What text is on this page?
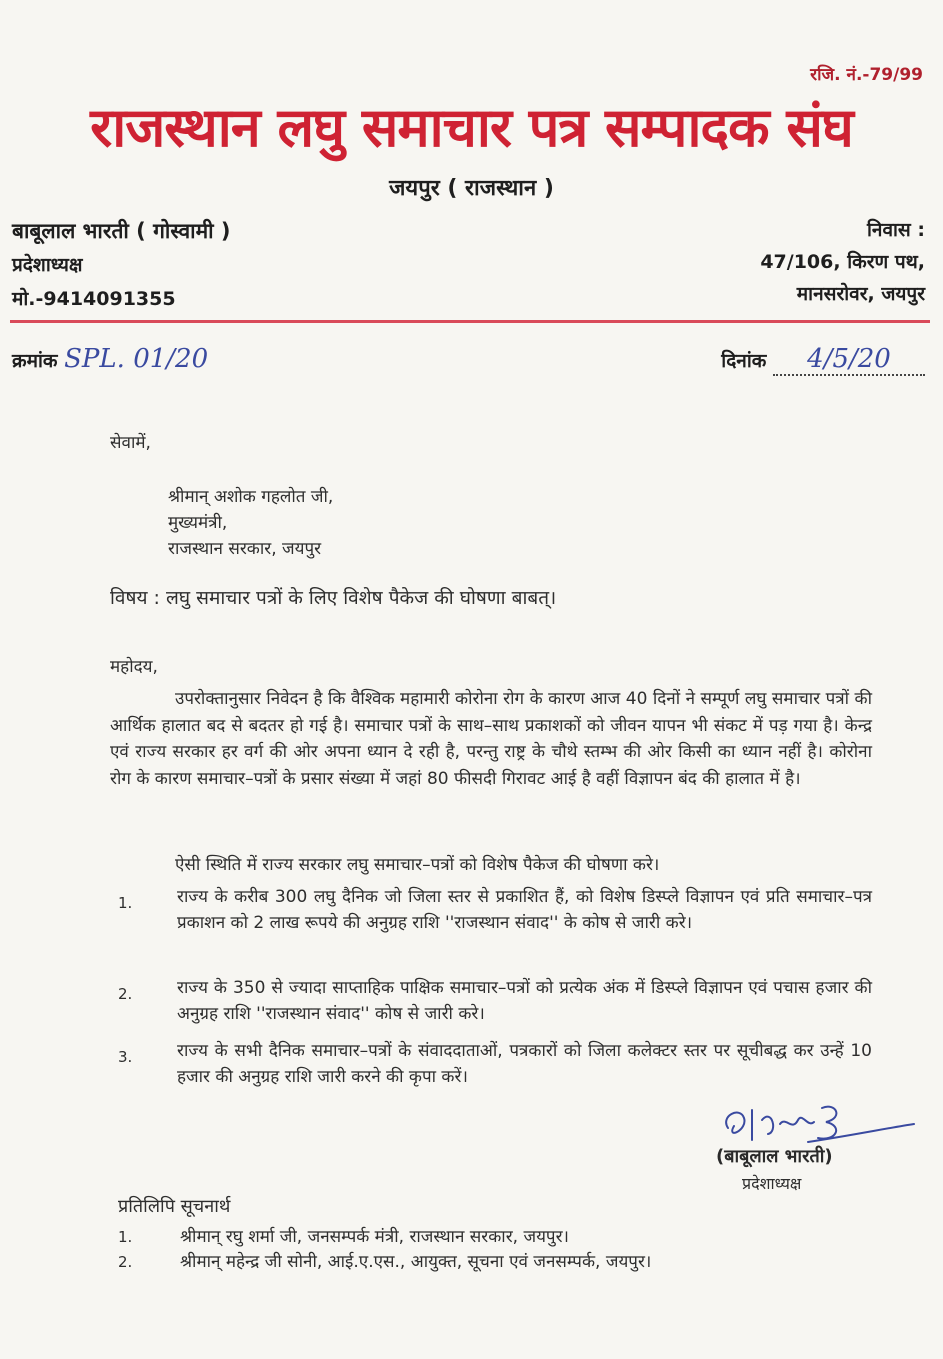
रजि. नं.-79/99
राजस्थान लघु समाचार पत्र सम्पादक संघ
जयपुर ( राजस्थान )
बाबूलाल भारती ( गोस्वामी )
प्रदेशाध्यक्ष
मो.-9414091355
निवास :
47/106, किरण पथ,
मानसरोवर, जयपुर
क्रमांक SPL. 01/20	दिनांक 4/5/20
सेवामें,
श्रीमान् अशोक गहलोत जी,
मुख्यमंत्री,
राजस्थान सरकार, जयपुर
विषय : लघु समाचार पत्रों के लिए विशेष पैकेज की घोषणा बाबत्।
महोदय,
उपरोक्तानुसार निवेदन है कि वैश्विक महामारी कोरोना रोग के कारण आज 40 दिनों ने सम्पूर्ण लघु समाचार पत्रों की आर्थिक हालात बद से बदतर हो गई है। समाचार पत्रों के साथ–साथ प्रकाशकों को जीवन यापन भी संकट में पड़ गया है। केन्द्र एवं राज्य सरकार हर वर्ग की ओर अपना ध्यान दे रही है, परन्तु राष्ट्र के चौथे स्तम्भ की ओर किसी का ध्यान नहीं है। कोरोना रोग के कारण समाचार–पत्रों के प्रसार संख्या में जहां 80 फीसदी गिरावट आई है वहीं विज्ञापन बंद की हालात में है।
ऐसी स्थिति में राज्य सरकार लघु समाचार–पत्रों को विशेष पैकेज की घोषणा करे।
1.	राज्य के करीब 300 लघु दैनिक जो जिला स्तर से प्रकाशित हैं, को विशेष डिस्प्ले विज्ञापन एवं प्रति समाचार–पत्र प्रकाशन को 2 लाख रूपये की अनुग्रह राशि ''राजस्थान संवाद'' के कोष से जारी करे।
2.	राज्य के 350 से ज्यादा साप्ताहिक पाक्षिक समाचार–पत्रों को प्रत्येक अंक में डिस्प्ले विज्ञापन एवं पचास हजार की अनुग्रह राशि ''राजस्थान संवाद'' कोष से जारी करे।
3.	राज्य के सभी दैनिक समाचार–पत्रों के संवाददाताओं, पत्रकारों को जिला कलेक्टर स्तर पर सूचीबद्ध कर उन्हें 10 हजार की अनुग्रह राशि जारी करने की कृपा करें।
(बाबूलाल भारती)
प्रदेशाध्यक्ष
प्रतिलिपि सूचनार्थ
1.	श्रीमान् रघु शर्मा जी, जनसम्पर्क मंत्री, राजस्थान सरकार, जयपुर।
2.	श्रीमान् महेन्द्र जी सोनी, आई.ए.एस., आयुक्त, सूचना एवं जनसम्पर्क, जयपुर।
